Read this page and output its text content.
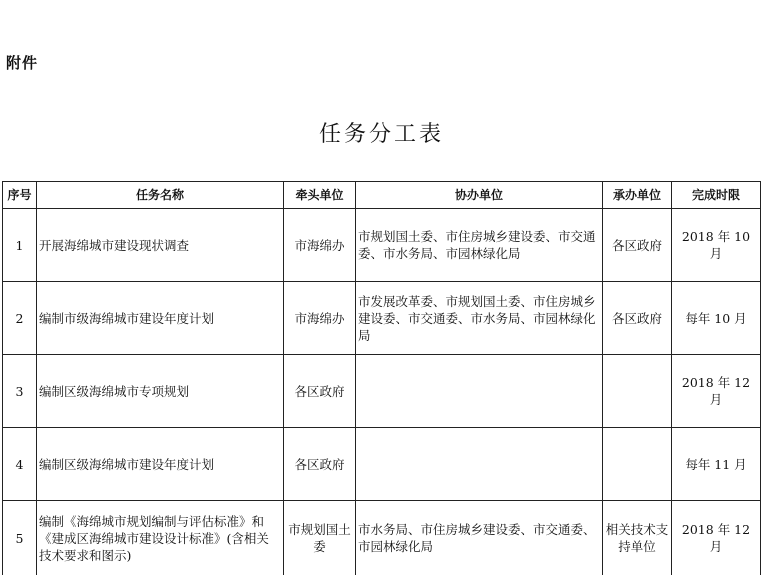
附件
任务分工表
序号	任务名称	牵头单位	协办单位	承办单位	完成时限
1	开展海绵城市建设现状调查	市海绵办	市规划国土委、市住房城乡建设委、市交通委、市水务局、市园林绿化局	各区政府	2018 年 10 月
2	编制市级海绵城市建设年度计划	市海绵办	市发展改革委、市规划国土委、市住房城乡建设委、市交通委、市水务局、市园林绿化局	各区政府	每年 10 月
3	编制区级海绵城市专项规划	各区政府			2018 年 12 月
4	编制区级海绵城市建设年度计划	各区政府			每年 11 月
5	编制《海绵城市规划编制与评估标准》和《建成区海绵城市建设设计标准》(含相关技术要求和图示)	市规划国土委	市水务局、市住房城乡建设委、市交通委、市园林绿化局	相关技术支持单位	2018 年 12 月
